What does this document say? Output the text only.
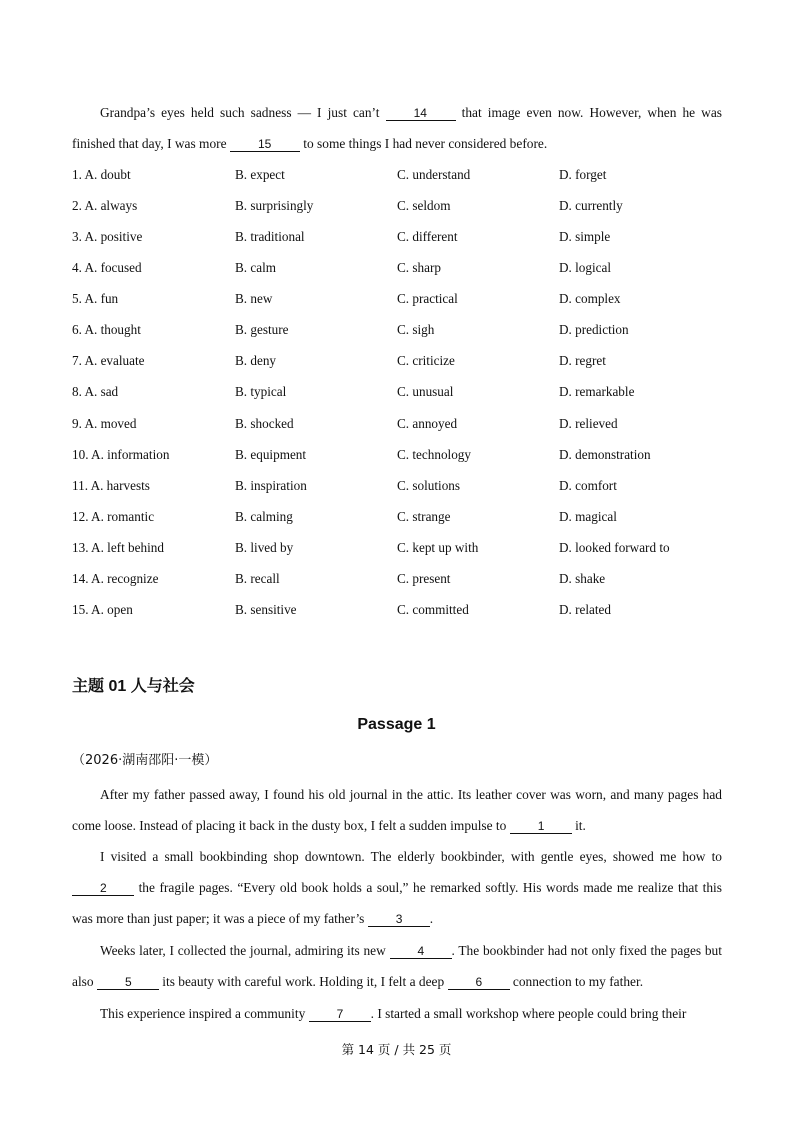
Grandpa’s eyes held such sadness — I just can’t	14	that image even now. However, when he was finished that day, I was more	15 to some things I had never considered before.
1. A. doubt	B. expect	C. understand	D. forget
2. A. always	B. surprisingly	C. seldom	D. currently
3. A. positive	B. traditional	C. different	D. simple
4. A. focused	B. calm	C. sharp	D. logical
5. A. fun	B. new	C. practical	D. complex
6. A. thought	B. gesture	C. sigh	D. prediction
7. A. evaluate	B. deny	C. criticize	D. regret
8. A. sad	B. typical	C. unusual	D. remarkable
9. A. moved	B. shocked	C. annoyed	D. relieved
10. A. information	B. equipment	C. technology	D. demonstration
11. A. harvests	B. inspiration	C. solutions	D. comfort
12. A. romantic	B. calming	C. strange	D. magical
13. A. left behind	B. lived by	C. kept up with	D. looked forward to
14. A. recognize	B. recall	C. present	D. shake
15. A. open	B. sensitive	C. committed	D. related
主题 01 人与社会
Passage 1
（2026·湖南邵阳·一模）
After my father passed away, I found his old journal in the attic. Its leather cover was worn, and many pages had come loose. Instead of placing it back in the dusty box, I felt a sudden impulse to	1 it.
I visited a small bookbinding shop downtown. The elderly bookbinder, with gentle eyes, showed me how to 2 the fragile pages. “Every old book holds a soul,” he remarked softly. His words made me realize that this was more than just paper; it was a piece of my father’s	3 .
Weeks later, I collected the journal, admiring its new	4 . The bookbinder had not only fixed the pages but also	5 its beauty with careful work. Holding it, I felt a deep	6 connection to my father.
This experience inspired a community	7 . I started a small workshop where people could bring their
第 14 页 / 共 25 页
